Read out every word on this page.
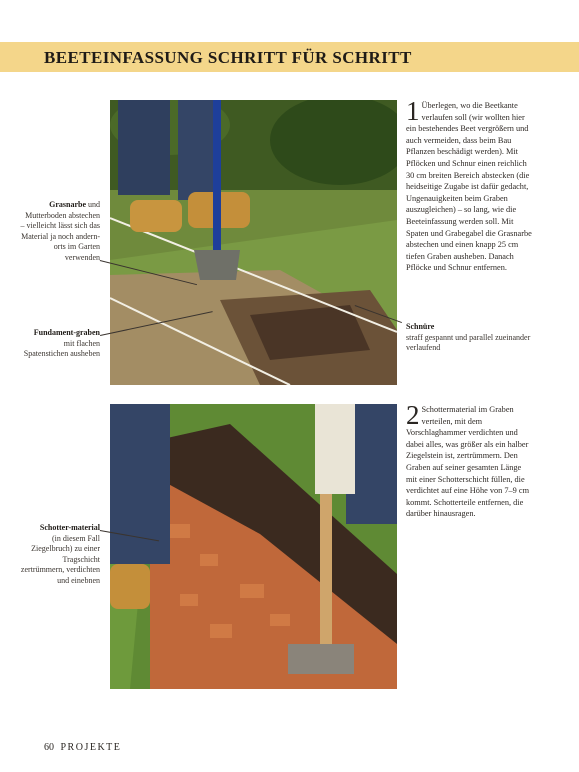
BEETEINFASSUNG SCHRITT FÜR SCHRITT
Grasnarbe und Mutterboden abstechen – vielleicht lässt sich das Material ja noch andern-orts im Garten verwenden
Fundament-graben
mit flachen Spatenstichen ausheben
Schotter-material
(in diesem Fall Ziegelbruch) zu einer Tragschicht zertrümmern, verdichten und einebnen
1 Überlegen, wo die Beetkante verlaufen soll (wir wollten hier ein bestehendes Beet vergrößern und auch vermeiden, dass beim Bau Pflanzen beschädigt werden). Mit Pflöcken und Schnur einen reichlich 30 cm breiten Bereich abstecken (die heidseitige Zugabe ist dafür gedacht, Ungenauigkeiten beim Graben auszugleichen) – so lang, wie die Beeteinfassung werden soll. Mit Spaten und Grabegabel die Grasnarbe abstechen und einen knapp 25 cm tiefen Graben ausheben. Danach Pflöcke und Schnur entfernen.
Schnüre
straff gespannt und parallel zueinander verlaufend
2 Schottermaterial im Graben verteilen, mit dem Vorschlaghammer verdichten und dabei alles, was größer als ein halber Ziegelstein ist, zertrümmern. Den Graben auf seiner gesamten Länge mit einer Schotterschicht füllen, die verdichtet auf eine Höhe von 7–9 cm kommt. Schotterteile entfernen, die darüber hinausragen.
60 PROJEKTE
